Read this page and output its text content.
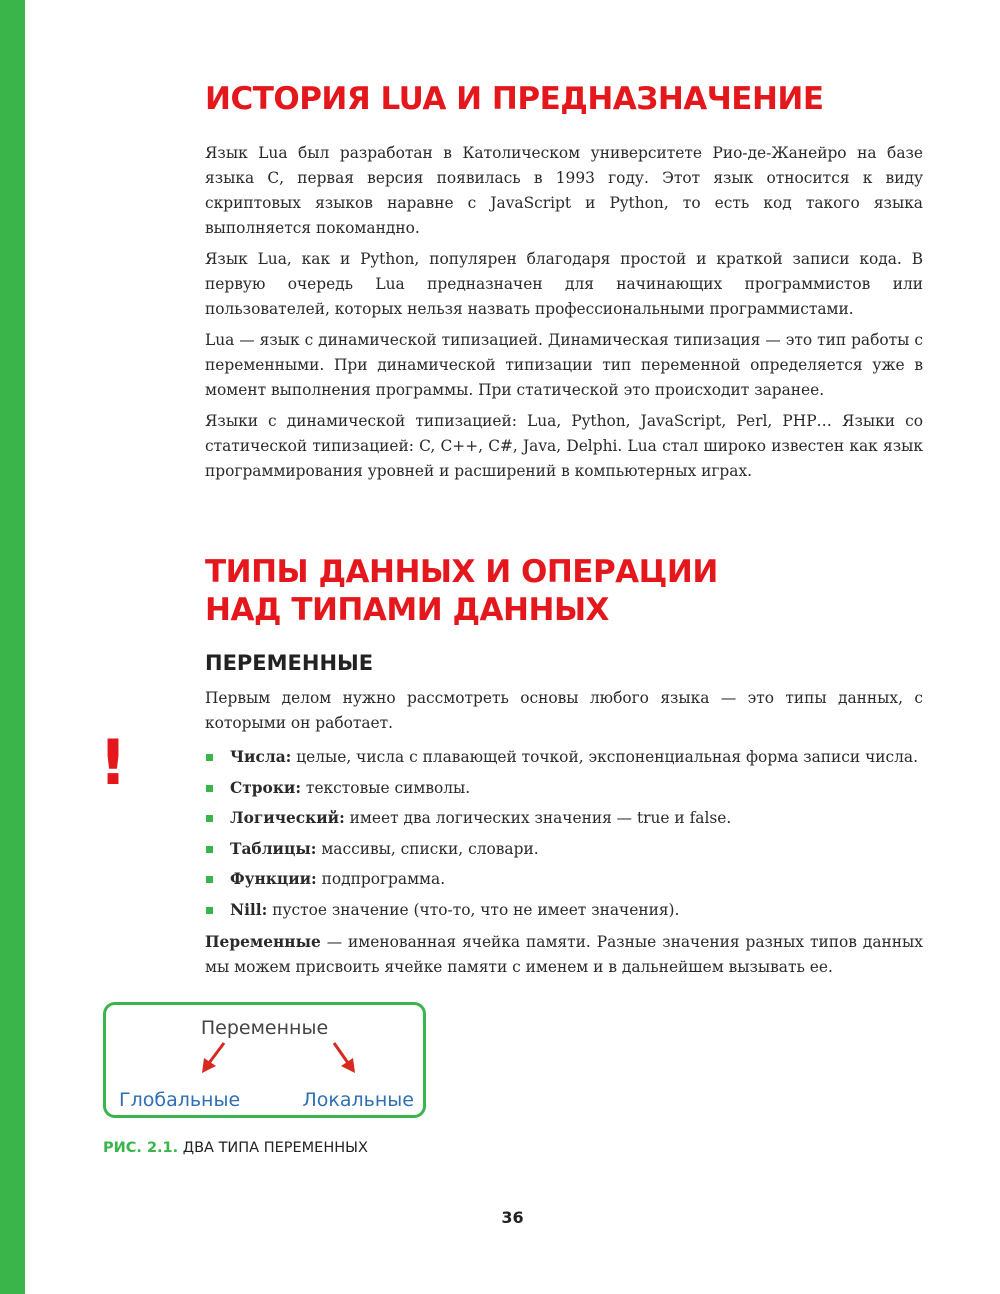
ИСТОРИЯ LUA И ПРЕДНАЗНАЧЕНИЕ

Язык Lua был разработан в Католическом университете Рио-де-Жанейро на базе языка С, первая версия появилась в 1993 году. Этот язык относится к виду скриптовых языков наравне с JavaScript и Python, то есть код такого языка выполняется покомандно.

Язык Lua, как и Python, популярен благодаря простой и краткой записи кода. В первую очередь Lua предназначен для начинающих программистов или пользователей, которых нельзя назвать профессиональными программистами.

Lua — язык с динамической типизацией. Динамическая типизация — это тип работы с переменными. При динамической типизации тип переменной определяется уже в момент выполнения программы. При статической это происходит заранее.

Языки с динамической типизацией: Lua, Python, JavaScript, Perl, PHP… Языки со статической типизацией: C, C++, C#, Java, Delphi. Lua стал широко известен как язык программирования уровней и расширений в компьютерных играх.

ТИПЫ ДАННЫХ И ОПЕРАЦИИ
НАД ТИПАМИ ДАННЫХ
ПЕРЕМЕННЫЕ
!

Первым делом нужно рассмотреть основы любого языка — это типы данных, с которыми он работает.

Числа: целые, числа с плавающей точкой, экспоненциальная форма записи числа.
Строки: текстовые символы.
Логический: имеет два логических значения — true и false.
Таблицы: массивы, списки, словари.
Функции: подпрограмма.
Nill: пустое значение (что-то, что не имеет значения).

Переменные — именованная ячейка памяти. Разные значения разных типов данных мы можем присвоить ячейке памяти с именем и в дальнейшем вызывать ее.

Переменные
Глобальные	Локальные
РИС. 2.1. ДВА ТИПА ПЕРЕМЕННЫХ
36
